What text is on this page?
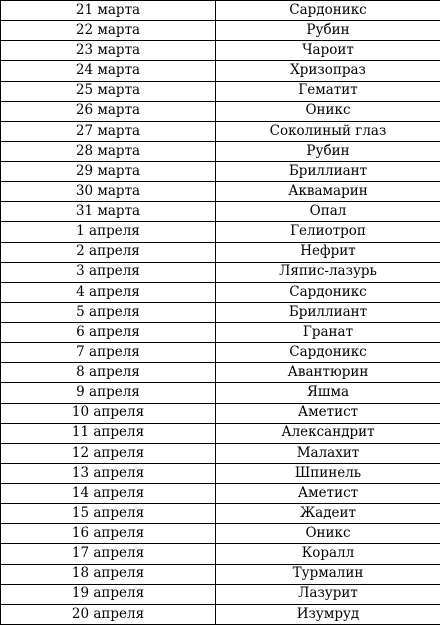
21 марта	Сардоникс
22 марта	Рубин
23 марта	Чароит
24 марта	Хризопраз
25 марта	Гематит
26 марта	Оникс
27 марта	Соколиный глаз
28 марта	Рубин
29 марта	Бриллиант
30 марта	Аквамарин
31 марта	Опал
1 апреля	Гелиотроп
2 апреля	Нефрит
3 апреля	Ляпис-лазурь
4 апреля	Сардоникс
5 апреля	Бриллиант
6 апреля	Гранат
7 апреля	Сардоникс
8 апреля	Авантюрин
9 апреля	Яшма
10 апреля	Аметист
11 апреля	Александрит
12 апреля	Малахит
13 апреля	Шпинель
14 апреля	Аметист
15 апреля	Жадеит
16 апреля	Оникс
17 апреля	Коралл
18 апреля	Турмалин
19 апреля	Лазурит
20 апреля	Изумруд
